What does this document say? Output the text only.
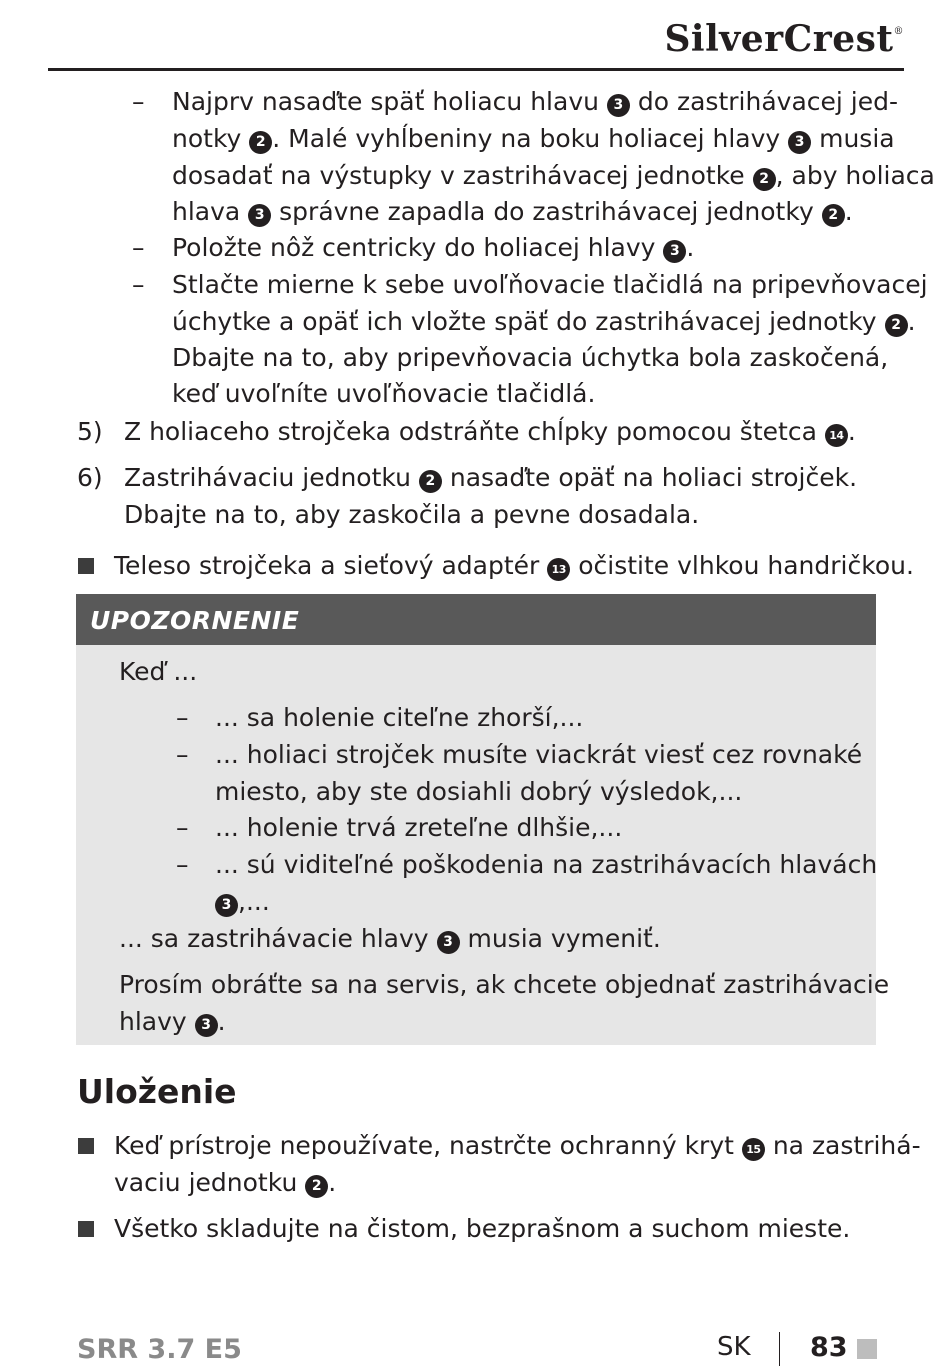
SilverCrest®
– Najprv nasaďte späť holiacu hlavu 3 do zastrihávacej jed-
notky 2 . Malé vyhĺbeniny na boku holiacej hlavy 3 musia
dosadať na výstupky v zastrihávacej jednotke 2 , aby holiaca
hlava 3 správne zapadla do zastrihávacej jednotky 2 .
– Položte nôž centricky do holiacej hlavy 3 .
– Stlačte mierne k sebe uvoľňovacie tlačidlá na pripevňovacej
úchytke a opäť ich vložte späť do zastrihávacej jednotky 2 .
Dbajte na to, aby pripevňovacia úchytka bola zaskočená,
keď uvoľníte uvoľňovacie tlačidlá.
5) Z holiaceho strojčeka odstráňte chĺpky pomocou štetca 14 .
6) Zastrihávaciu jednotku 2 nasaďte opäť na holiaci strojček.
Dbajte na to, aby zaskočila a pevne dosadala.
Teleso strojčeka a sieťový adaptér 13 očistite vlhkou handričkou.
UPOZORNENIE
Keď ...
– ... sa holenie citeľne zhorší,...
– ... holiaci strojček musíte viackrát viesť cez rovnaké
miesto, aby ste dosiahli dobrý výsledok,...
– ... holenie trvá zreteľne dlhšie,...
– ... sú viditeľné poškodenia na zastrihávacích hlavách
3 ,...
... sa zastrihávacie hlavy 3 musia vymeniť.
Prosím obráťte sa na servis, ak chcete objednať zastrihávacie
hlavy 3 .
Uloženie
Keď prístroje nepoužívate, nastrčte ochranný kryt 15 na zastrihá-
vaciu jednotku 2 .
Všetko skladujte na čistom, bezprašnom a suchom mieste.
SRR 3.7 E5	SK 83
